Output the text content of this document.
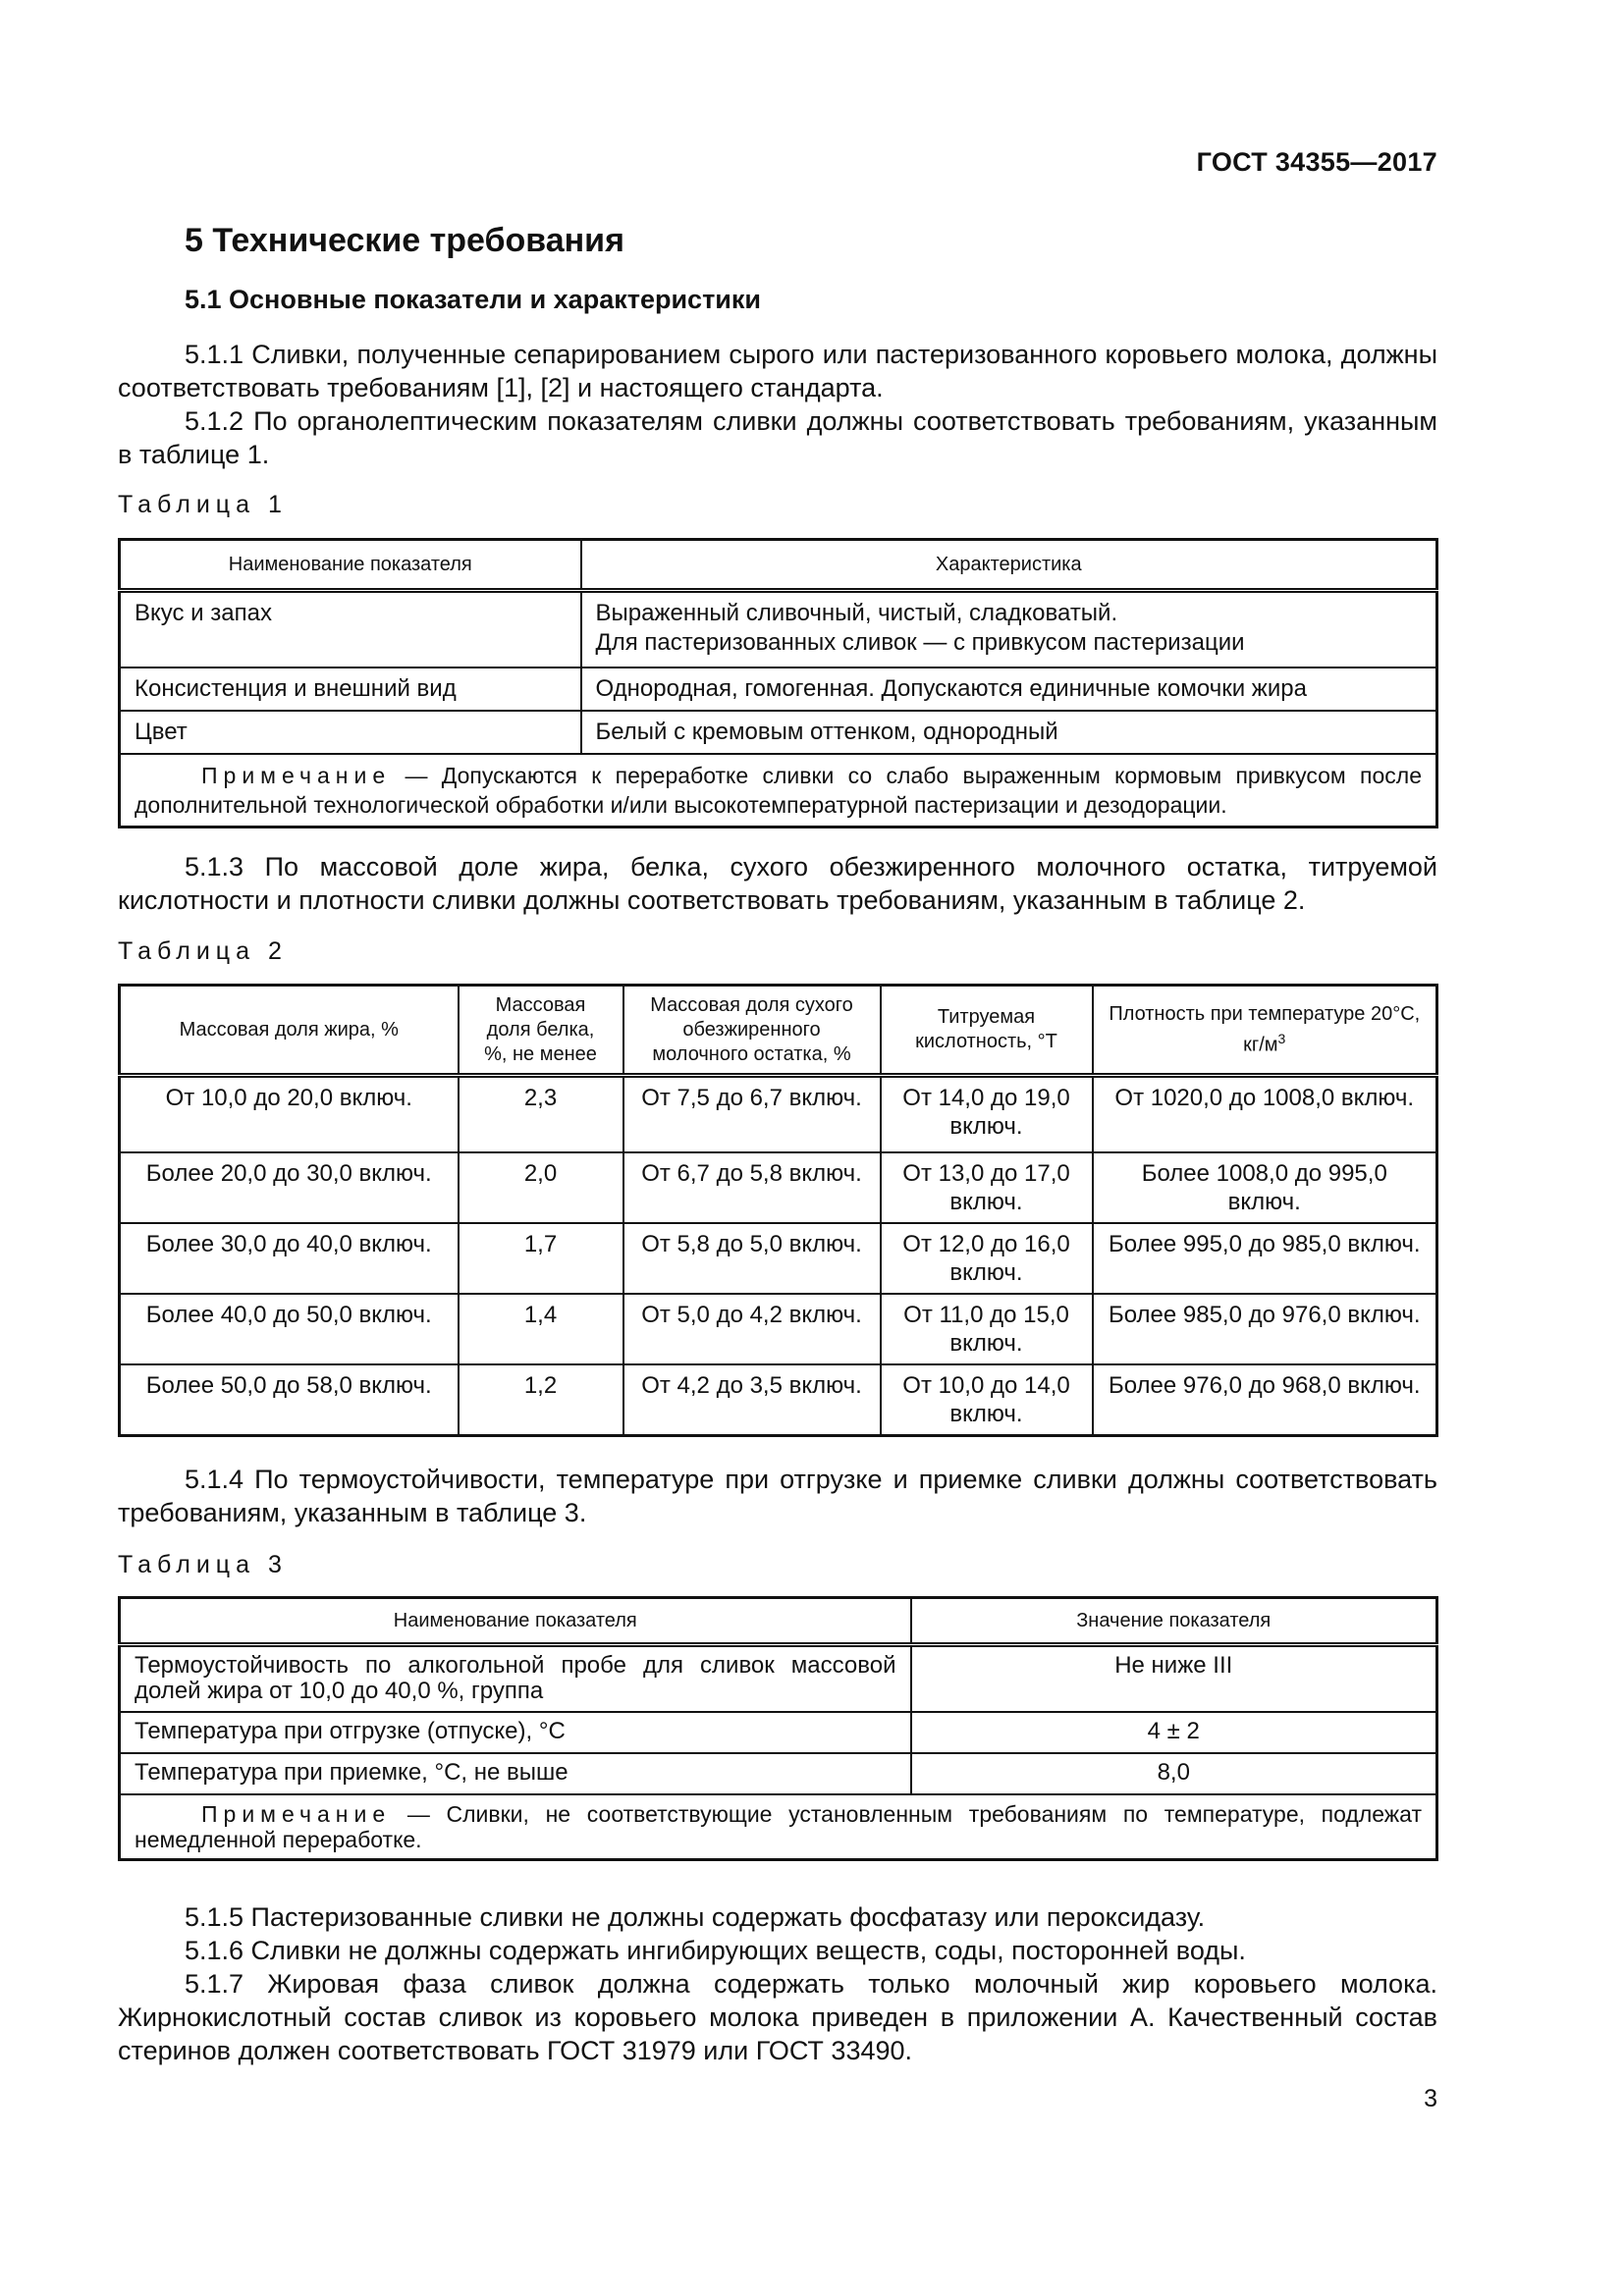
ГОСТ 34355—2017
5 Технические требования
5.1 Основные показатели и характеристики
5.1.1 Сливки, полученные сепарированием сырого или пастеризованного коровьего молока, должны соответствовать требованиям [1], [2] и настоящего стандарта.
5.1.2 По органолептическим показателям сливки должны соответствовать требованиям, указанным в таблице 1.
Таблица 1
Наименование показателя	Характеристика
Вкус и запах	Выраженный сливочный, чистый, сладковатый.
Для пастеризованных сливок — с привкусом пастеризации

Консистенция и внешний вид	Однородная, гомогенная. Допускаются единичные комочки жира
Цвет	Белый с кремовым оттенком, однородный
Примечание — Допускаются к переработке сливки со слабо выраженным кормовым привкусом после дополнительной технологической обработки и/или высокотемпературной пастеризации и дезодорации.	
5.1.3 По массовой доле жира, белка, сухого обезжиренного молочного остатка, титруемой кислотности и плотности сливки должны соответствовать требованиям, указанным в таблице 2.
Таблица 2
Массовая доля жира, %	Массовая доля белка, %, не менее	Массовая доля сухого обезжиренного молочного остатка, %	Титруемая кислотность, °Т	Плотность при температуре 20°С, $кг/м^3$
От 10,0 до 20,0 включ.	2,3	От 7,5 до 6,7 включ.	От 14,0 до 19,0 включ.	От 1020,0 до 1008,0 включ.
Более 20,0 до 30,0 включ.	2,0	От 6,7 до 5,8 включ.	От 13,0 до 17,0 включ.	Более 1008,0 до 995,0 включ.
Более 30,0 до 40,0 включ.	1,7	От 5,8 до 5,0 включ.	От 12,0 до 16,0 включ.	Более 995,0 до 985,0 включ.
Более 40,0 до 50,0 включ.	1,4	От 5,0 до 4,2 включ.	От 11,0 до 15,0 включ.	Более 985,0 до 976,0 включ.
Более 50,0 до 58,0 включ.	1,2	От 4,2 до 3,5 включ.	От 10,0 до 14,0 включ.	Более 976,0 до 968,0 включ.
5.1.4 По термоустойчивости, температуре при отгрузке и приемке сливки должны соответствовать требованиям, указанным в таблице 3.
Таблица 3
Наименование показателя	Значение показателя
Термоустойчивость по алкогольной пробе для сливок массовой долей жира от 10,0 до 40,0 %, группа	Не ниже III
Температура при отгрузке (отпуске), °С	4 ± 2
Температура при приемке, °С, не выше	8,0
Примечание — Сливки, не соответствующие установленным требованиям по температуре, подлежат немедленной переработке.	
5.1.5 Пастеризованные сливки не должны содержать фосфатазу или пероксидазу.
5.1.6 Сливки не должны содержать ингибирующих веществ, соды, посторонней воды.
5.1.7 Жировая фаза сливок должна содержать только молочный жир коровьего молока. Жирнокислотный состав сливок из коровьего молока приведен в приложении А. Качественный состав стеринов должен соответствовать ГОСТ 31979 или ГОСТ 33490.
3
